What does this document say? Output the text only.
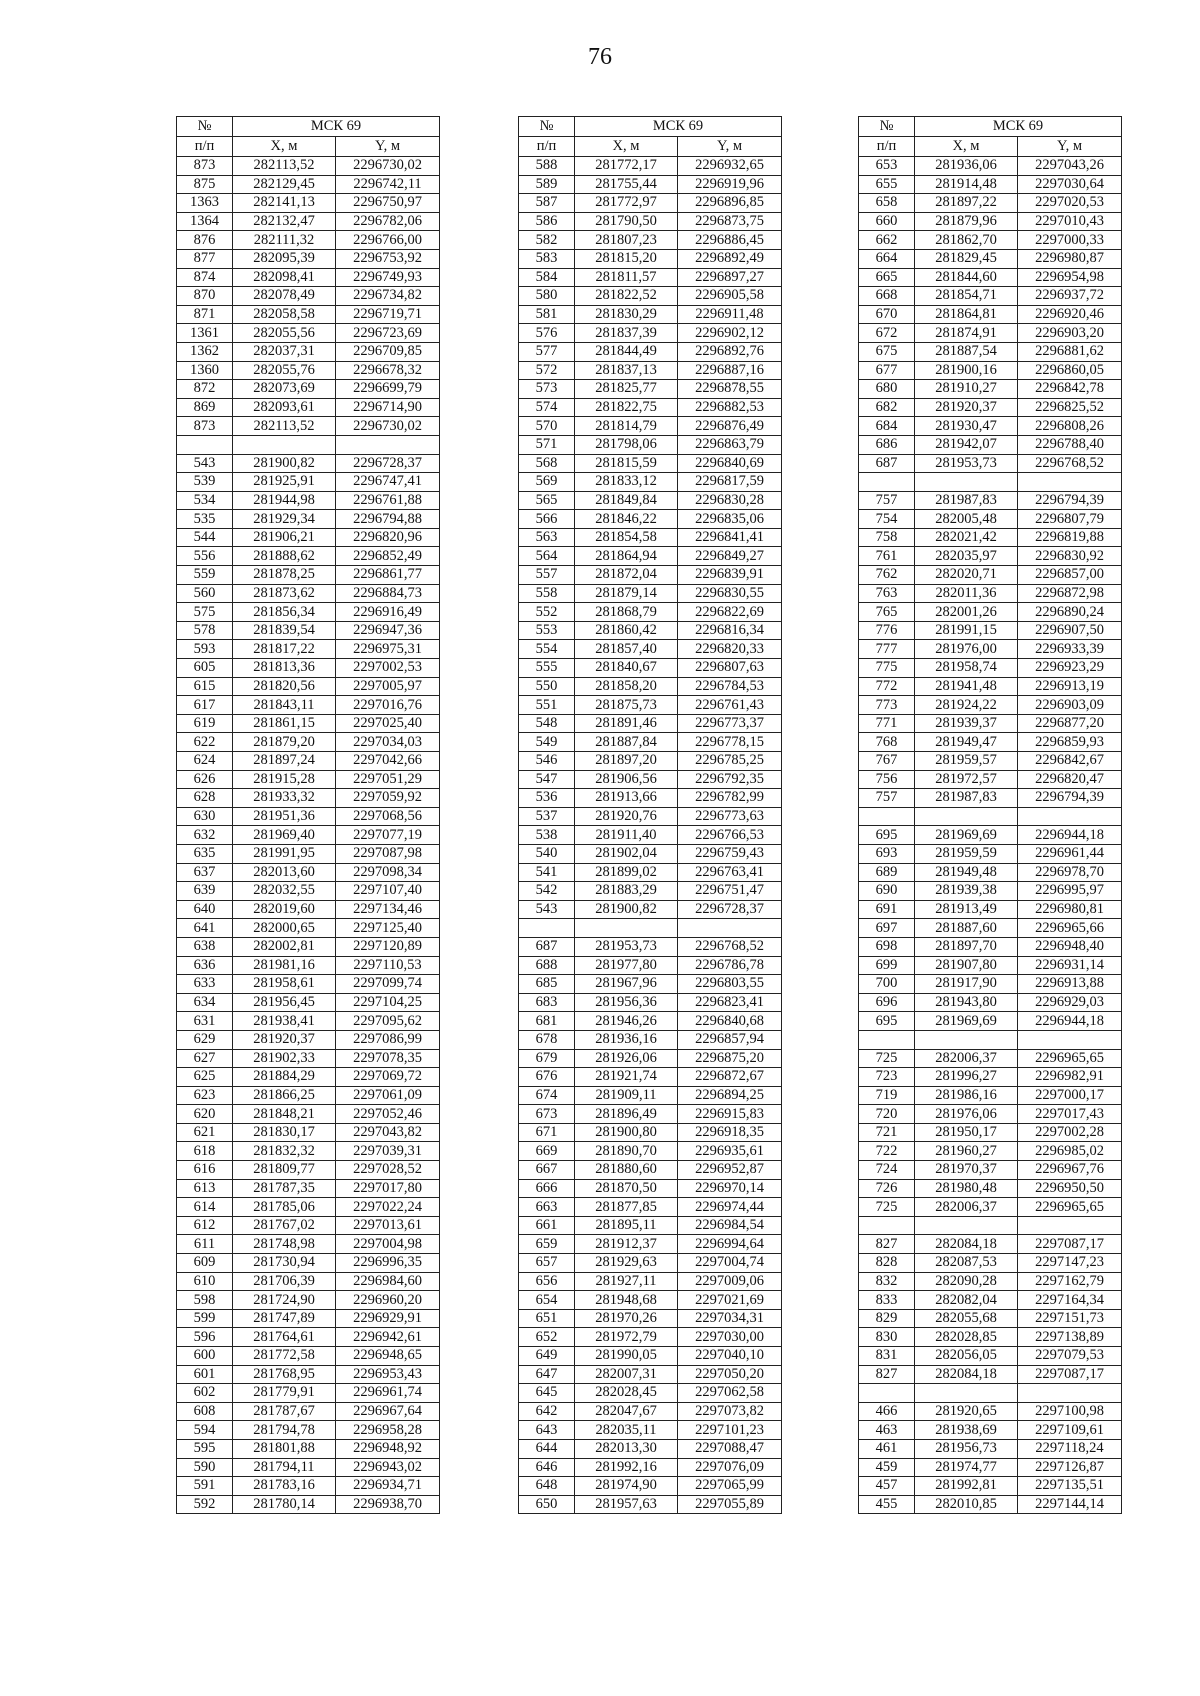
76
№	МСК 69	
п/п	X, м	Y, м
873	282113,52	2296730,02
875	282129,45	2296742,11
1363	282141,13	2296750,97
1364	282132,47	2296782,06
876	282111,32	2296766,00
877	282095,39	2296753,92
874	282098,41	2296749,93
870	282078,49	2296734,82
871	282058,58	2296719,71
1361	282055,56	2296723,69
1362	282037,31	2296709,85
1360	282055,76	2296678,32
872	282073,69	2296699,79
869	282093,61	2296714,90
873	282113,52	2296730,02

543	281900,82	2296728,37
539	281925,91	2296747,41
534	281944,98	2296761,88
535	281929,34	2296794,88
544	281906,21	2296820,96
556	281888,62	2296852,49
559	281878,25	2296861,77
560	281873,62	2296884,73
575	281856,34	2296916,49
578	281839,54	2296947,36
593	281817,22	2296975,31
605	281813,36	2297002,53
615	281820,56	2297005,97
617	281843,11	2297016,76
619	281861,15	2297025,40
622	281879,20	2297034,03
624	281897,24	2297042,66
626	281915,28	2297051,29
628	281933,32	2297059,92
630	281951,36	2297068,56
632	281969,40	2297077,19
635	281991,95	2297087,98
637	282013,60	2297098,34
639	282032,55	2297107,40
640	282019,60	2297134,46
641	282000,65	2297125,40
638	282002,81	2297120,89
636	281981,16	2297110,53
633	281958,61	2297099,74
634	281956,45	2297104,25
631	281938,41	2297095,62
629	281920,37	2297086,99
627	281902,33	2297078,35
625	281884,29	2297069,72
623	281866,25	2297061,09
620	281848,21	2297052,46
621	281830,17	2297043,82
618	281832,32	2297039,31
616	281809,77	2297028,52
613	281787,35	2297017,80
614	281785,06	2297022,24
612	281767,02	2297013,61
611	281748,98	2297004,98
609	281730,94	2296996,35
610	281706,39	2296984,60
598	281724,90	2296960,20
599	281747,89	2296929,91
596	281764,61	2296942,61
600	281772,58	2296948,65
601	281768,95	2296953,43
602	281779,91	2296961,74
608	281787,67	2296967,64
594	281794,78	2296958,28
595	281801,88	2296948,92
590	281794,11	2296943,02
591	281783,16	2296934,71
592	281780,14	2296938,70
№	МСК 69	
п/п	X, м	Y, м
588	281772,17	2296932,65
589	281755,44	2296919,96
587	281772,97	2296896,85
586	281790,50	2296873,75
582	281807,23	2296886,45
583	281815,20	2296892,49
584	281811,57	2296897,27
580	281822,52	2296905,58
581	281830,29	2296911,48
576	281837,39	2296902,12
577	281844,49	2296892,76
572	281837,13	2296887,16
573	281825,77	2296878,55
574	281822,75	2296882,53
570	281814,79	2296876,49
571	281798,06	2296863,79
568	281815,59	2296840,69
569	281833,12	2296817,59
565	281849,84	2296830,28
566	281846,22	2296835,06
563	281854,58	2296841,41
564	281864,94	2296849,27
557	281872,04	2296839,91
558	281879,14	2296830,55
552	281868,79	2296822,69
553	281860,42	2296816,34
554	281857,40	2296820,33
555	281840,67	2296807,63
550	281858,20	2296784,53
551	281875,73	2296761,43
548	281891,46	2296773,37
549	281887,84	2296778,15
546	281897,20	2296785,25
547	281906,56	2296792,35
536	281913,66	2296782,99
537	281920,76	2296773,63
538	281911,40	2296766,53
540	281902,04	2296759,43
541	281899,02	2296763,41
542	281883,29	2296751,47
543	281900,82	2296728,37

687	281953,73	2296768,52
688	281977,80	2296786,78
685	281967,96	2296803,55
683	281956,36	2296823,41
681	281946,26	2296840,68
678	281936,16	2296857,94
679	281926,06	2296875,20
676	281921,74	2296872,67
674	281909,11	2296894,25
673	281896,49	2296915,83
671	281900,80	2296918,35
669	281890,70	2296935,61
667	281880,60	2296952,87
666	281870,50	2296970,14
663	281877,85	2296974,44
661	281895,11	2296984,54
659	281912,37	2296994,64
657	281929,63	2297004,74
656	281927,11	2297009,06
654	281948,68	2297021,69
651	281970,26	2297034,31
652	281972,79	2297030,00
649	281990,05	2297040,10
647	282007,31	2297050,20
645	282028,45	2297062,58
642	282047,67	2297073,82
643	282035,11	2297101,23
644	282013,30	2297088,47
646	281992,16	2297076,09
648	281974,90	2297065,99
650	281957,63	2297055,89
№	МСК 69	
п/п	X, м	Y, м
653	281936,06	2297043,26
655	281914,48	2297030,64
658	281897,22	2297020,53
660	281879,96	2297010,43
662	281862,70	2297000,33
664	281829,45	2296980,87
665	281844,60	2296954,98
668	281854,71	2296937,72
670	281864,81	2296920,46
672	281874,91	2296903,20
675	281887,54	2296881,62
677	281900,16	2296860,05
680	281910,27	2296842,78
682	281920,37	2296825,52
684	281930,47	2296808,26
686	281942,07	2296788,40
687	281953,73	2296768,52

757	281987,83	2296794,39
754	282005,48	2296807,79
758	282021,42	2296819,88
761	282035,97	2296830,92
762	282020,71	2296857,00
763	282011,36	2296872,98
765	282001,26	2296890,24
776	281991,15	2296907,50
777	281976,00	2296933,39
775	281958,74	2296923,29
772	281941,48	2296913,19
773	281924,22	2296903,09
771	281939,37	2296877,20
768	281949,47	2296859,93
767	281959,57	2296842,67
756	281972,57	2296820,47
757	281987,83	2296794,39

695	281969,69	2296944,18
693	281959,59	2296961,44
689	281949,48	2296978,70
690	281939,38	2296995,97
691	281913,49	2296980,81
697	281887,60	2296965,66
698	281897,70	2296948,40
699	281907,80	2296931,14
700	281917,90	2296913,88
696	281943,80	2296929,03
695	281969,69	2296944,18

725	282006,37	2296965,65
723	281996,27	2296982,91
719	281986,16	2297000,17
720	281976,06	2297017,43
721	281950,17	2297002,28
722	281960,27	2296985,02
724	281970,37	2296967,76
726	281980,48	2296950,50
725	282006,37	2296965,65

827	282084,18	2297087,17
828	282087,53	2297147,23
832	282090,28	2297162,79
833	282082,04	2297164,34
829	282055,68	2297151,73
830	282028,85	2297138,89
831	282056,05	2297079,53
827	282084,18	2297087,17

466	281920,65	2297100,98
463	281938,69	2297109,61
461	281956,73	2297118,24
459	281974,77	2297126,87
457	281992,81	2297135,51
455	282010,85	2297144,14
